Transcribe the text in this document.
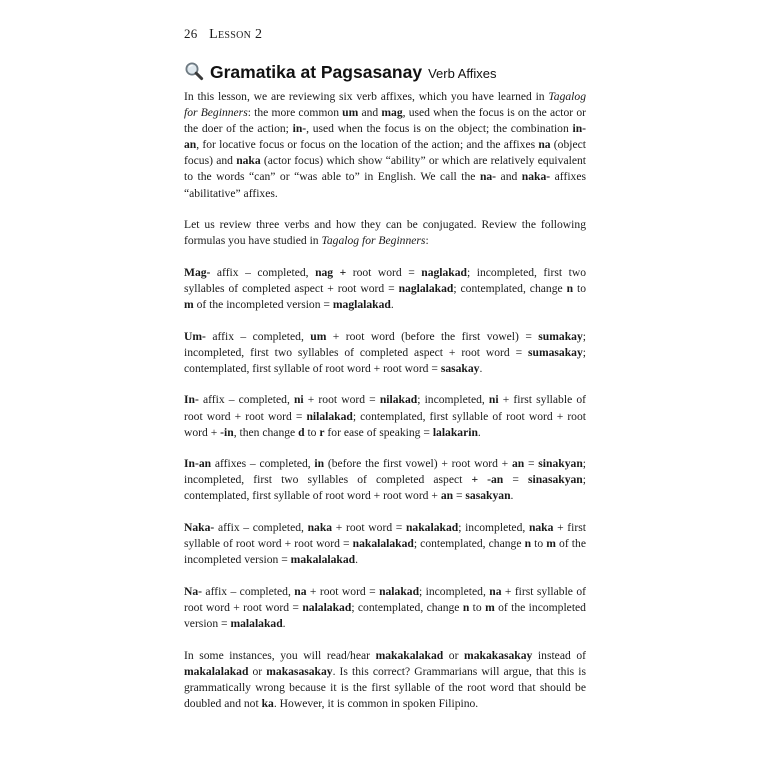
26 Lesson 2
Gramatika at Pagsasanay Verb Affixes

In this lesson, we are reviewing six verb affixes, which you have learned in Tagalog for Beginners: the more common um and mag, used when the focus is on the actor or the doer of the action; in-, used when the focus is on the object; the combination in-an, for locative focus or focus on the location of the action; and the affixes na (object focus) and naka (actor focus) which show “ability” or which are relatively equivalent to the words “can” or “was able to” in English. We call the na- and naka- affixes “abilitative” affixes.

Let us review three verbs and how they can be conjugated. Review the following formulas you have studied in Tagalog for Beginners:

Mag- affix – completed, nag + root word = naglakad; incompleted, first two syllables of completed aspect + root word = naglalakad; contemplated, change n to m of the incompleted version = maglalakad.

Um- affix – completed, um + root word (before the first vowel) = sumakay; incompleted, first two syllables of completed aspect + root word = sumasakay; contemplated, first syllable of root word + root word = sasakay.

In- affix – completed, ni + root word = nilakad; incompleted, ni + first syllable of root word + root word = nilalakad; contemplated, first syllable of root word + root word + -in, then change d to r for ease of speaking = lalakarin.

In-an affixes – completed, in (before the first vowel) + root word + an = sinakyan; incompleted, first two syllables of completed aspect + -an = sinasakyan; contemplated, first syllable of root word + root word + an = sasakyan.

Naka- affix – completed, naka + root word = nakalakad; incompleted, naka + first syllable of root word + root word = nakalalakad; contemplated, change n to m of the incompleted version = makalalakad.

Na- affix – completed, na + root word = nalakad; incompleted, na + first syllable of root word + root word = nalalakad; contemplated, change n to m of the incompleted version = malalakad.

In some instances, you will read/hear makakalakad or makakasakay instead of makalalakad or makasasakay. Is this correct? Grammarians will argue, that this is grammatically wrong because it is the first syllable of the root word that should be doubled and not ka. However, it is common in spoken Filipino.
